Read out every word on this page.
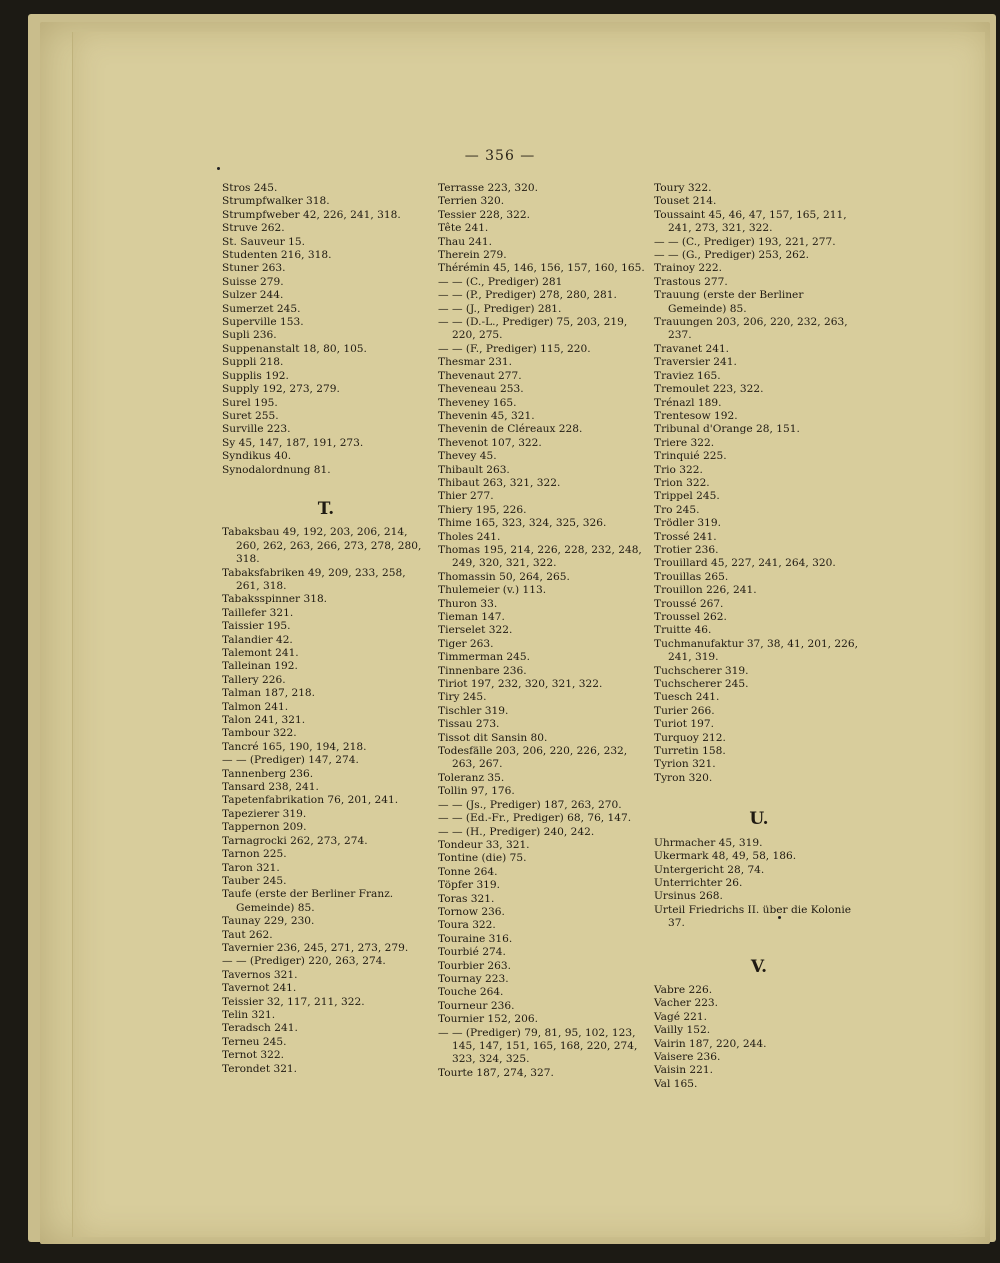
— 356 —
Stros 245.
Strumpfwalker 318.
Strumpfweber 42, 226, 241, 318.
Struve 262.
St. Sauveur 15.
Studenten 216, 318.
Stuner 263.
Suisse 279.
Sulzer 244.
Sumerzet 245.
Superville 153.
Supli 236.
Suppenanstalt 18, 80, 105.
Suppli 218.
Supplis 192.
Supply 192, 273, 279.
Surel 195.
Suret 255.
Surville 223.
Sy 45, 147, 187, 191, 273.
Syndikus 40.
Synodalordnung 81.
T.
Tabaksbau 49, 192, 203, 206, 214, 260, 262, 263, 266, 273, 278, 280, 318.
Tabaksfabriken 49, 209, 233, 258, 261, 318.
Tabaksspinner 318.
Taillefer 321.
Taissier 195.
Talandier 42.
Talemont 241.
Talleinan 192.
Tallery 226.
Talman 187, 218.
Talmon 241.
Talon 241, 321.
Tambour 322.
Tancré 165, 190, 194, 218.
— — (Prediger) 147, 274.
Tannenberg 236.
Tansard 238, 241.
Tapetenfabrikation 76, 201, 241.
Tapezierer 319.
Tappernon 209.
Tarnagrocki 262, 273, 274.
Tarnon 225.
Taron 321.
Tauber 245.
Taufe (erste der Berliner Franz. Gemeinde) 85.
Taunay 229, 230.
Taut 262.
Tavernier 236, 245, 271, 273, 279.
— — (Prediger) 220, 263, 274.
Tavernos 321.
Tavernot 241.
Teissier 32, 117, 211, 322.
Telin 321.
Teradsch 241.
Terneu 245.
Ternot 322.
Terondet 321.
Terrasse 223, 320.
Terrien 320.
Tessier 228, 322.
Tête 241.
Thau 241.
Therein 279.
Thérémin 45, 146, 156, 157, 160, 165.
— — (C., Prediger) 281
— — (P., Prediger) 278, 280, 281.
— — (J., Prediger) 281.
— — (D.-L., Prediger) 75, 203, 219, 220, 275.
— — (F., Prediger) 115, 220.
Thesmar 231.
Thevenaut 277.
Theveneau 253.
Theveney 165.
Thevenin 45, 321.
Thevenin de Cléreaux 228.
Thevenot 107, 322.
Thevey 45.
Thibault 263.
Thibaut 263, 321, 322.
Thier 277.
Thiery 195, 226.
Thime 165, 323, 324, 325, 326.
Tholes 241.
Thomas 195, 214, 226, 228, 232, 248, 249, 320, 321, 322.
Thomassin 50, 264, 265.
Thulemeier (v.) 113.
Thuron 33.
Tieman 147.
Tierselet 322.
Tiger 263.
Timmerman 245.
Tinnenbare 236.
Tiriot 197, 232, 320, 321, 322.
Tiry 245.
Tischler 319.
Tissau 273.
Tissot dit Sansin 80.
Todesfälle 203, 206, 220, 226, 232, 263, 267.
Toleranz 35.
Tollin 97, 176.
— — (Js., Prediger) 187, 263, 270.
— — (Ed.-Fr., Prediger) 68, 76, 147.
— — (H., Prediger) 240, 242.
Tondeur 33, 321.
Tontine (die) 75.
Tonne 264.
Töpfer 319.
Toras 321.
Tornow 236.
Toura 322.
Touraine 316.
Tourbié 274.
Tourbier 263.
Tournay 223.
Touche 264.
Tourneur 236.
Tournier 152, 206.
— — (Prediger) 79, 81, 95, 102, 123, 145, 147, 151, 165, 168, 220, 274, 323, 324, 325.
Tourte 187, 274, 327.
Toury 322.
Touset 214.
Toussaint 45, 46, 47, 157, 165, 211, 241, 273, 321, 322.
— — (C., Prediger) 193, 221, 277.
— — (G., Prediger) 253, 262.
Trainoy 222.
Trastous 277.
Trauung (erste der Berliner Gemeinde) 85.
Trauungen 203, 206, 220, 232, 263, 237.
Travanet 241.
Traversier 241.
Traviez 165.
Tremoulet 223, 322.
Trénazl 189.
Trentesow 192.
Tribunal d'Orange 28, 151.
Triere 322.
Trinquié 225.
Trio 322.
Trion 322.
Trippel 245.
Tro 245.
Trödler 319.
Trossé 241.
Trotier 236.
Trouillard 45, 227, 241, 264, 320.
Trouillas 265.
Trouillon 226, 241.
Troussé 267.
Troussel 262.
Truitte 46.
Tuchmanufaktur 37, 38, 41, 201, 226, 241, 319.
Tuchscherer 319.
Tuchscherer 245.
Tuesch 241.
Turier 266.
Turiot 197.
Turquoy 212.
Turretin 158.
Tyrion 321.
Tyron 320.
U.
Uhrmacher 45, 319.
Ukermark 48, 49, 58, 186.
Untergericht 28, 74.
Unterrichter 26.
Ursinus 268.
Urteil Friedrichs II. über die Kolonie 37.
V.
Vabre 226.
Vacher 223.
Vagé 221.
Vailly 152.
Vairin 187, 220, 244.
Vaisere 236.
Vaisin 221.
Val 165.
